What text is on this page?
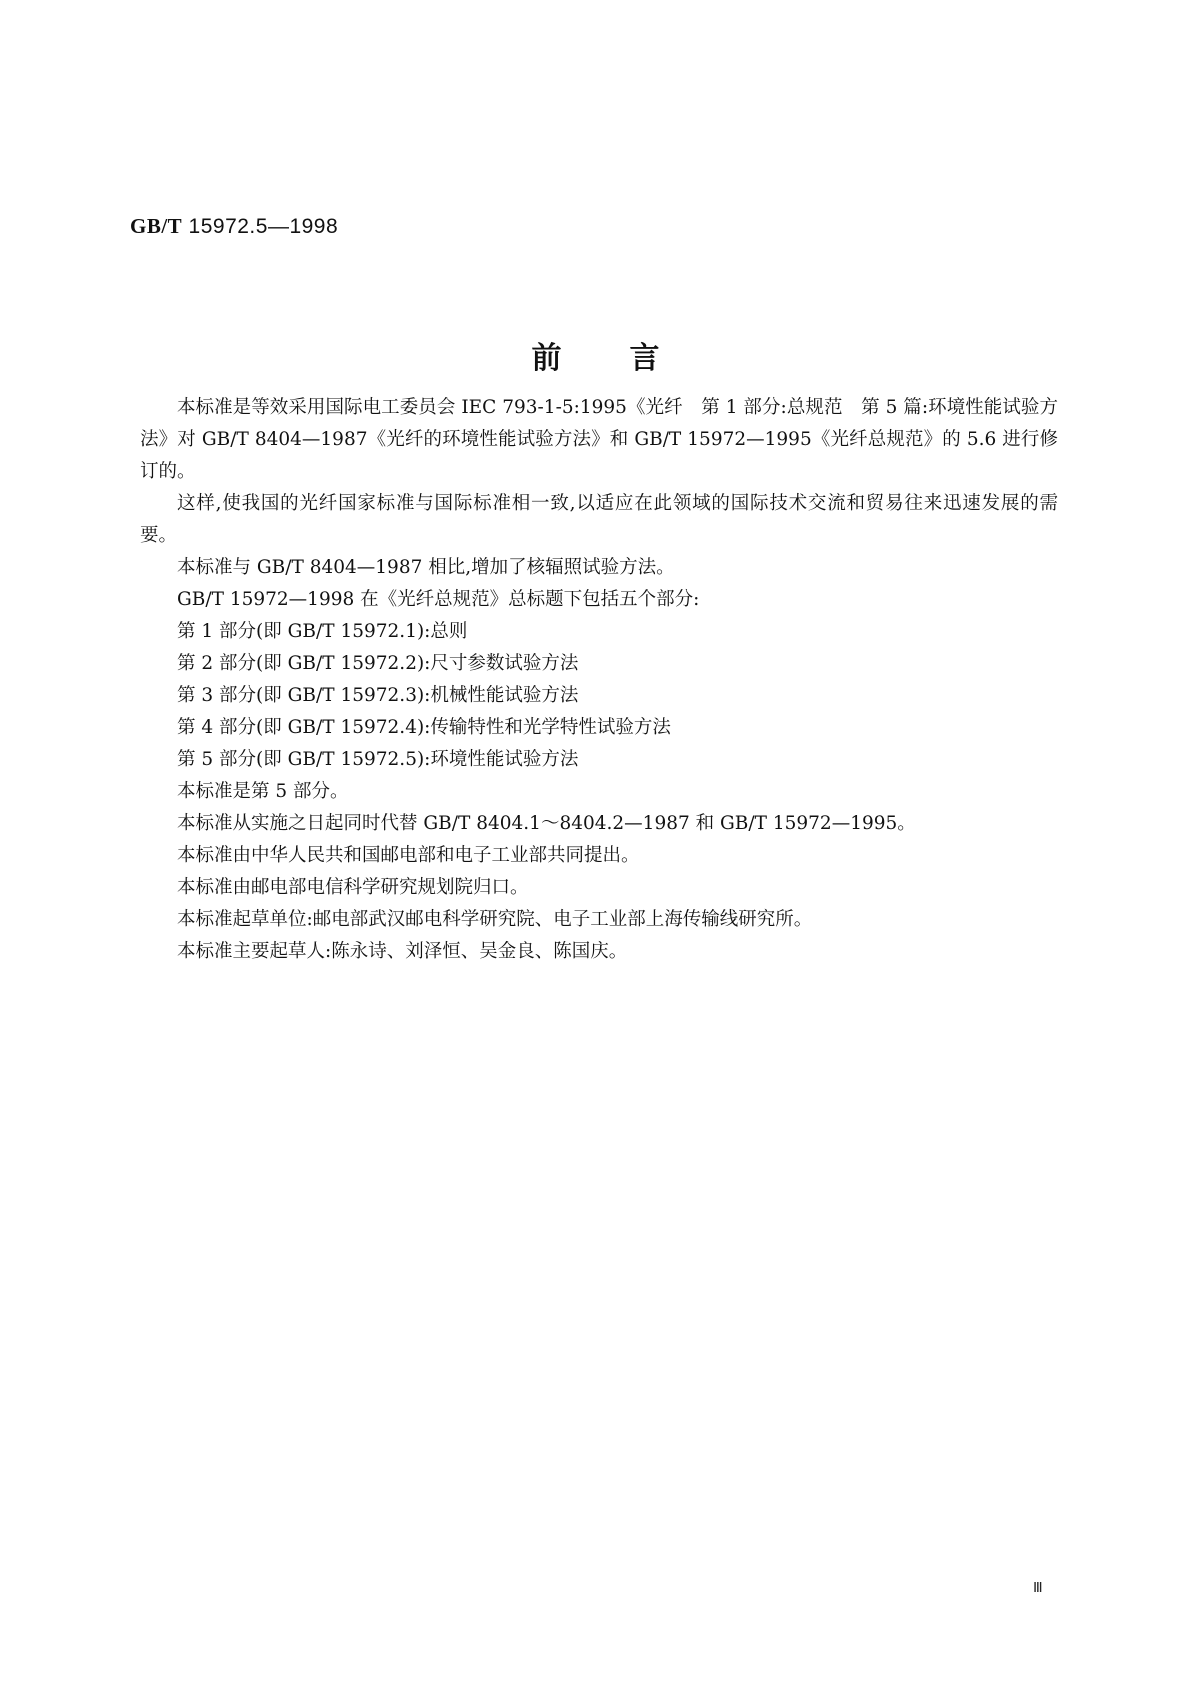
GB/T 15972.5—1998
前言

本标准是等效采用国际电工委员会 IEC 793-1-5:1995《光纤　第 1 部分:总规范　第 5 篇:环境性能试验方法》对 GB/T 8404—1987《光纤的环境性能试验方法》和 GB/T 15972—1995《光纤总规范》的 5.6 进行修订的。

这样,使我国的光纤国家标准与国际标准相一致,以适应在此领域的国际技术交流和贸易往来迅速发展的需要。

本标准与 GB/T 8404—1987 相比,增加了核辐照试验方法。

GB/T 15972—1998 在《光纤总规范》总标题下包括五个部分:

第 1 部分(即 GB/T 15972.1):总则

第 2 部分(即 GB/T 15972.2):尺寸参数试验方法

第 3 部分(即 GB/T 15972.3):机械性能试验方法

第 4 部分(即 GB/T 15972.4):传输特性和光学特性试验方法

第 5 部分(即 GB/T 15972.5):环境性能试验方法

本标准是第 5 部分。

本标准从实施之日起同时代替 GB/T 8404.1～8404.2—1987 和 GB/T 15972—1995。

本标准由中华人民共和国邮电部和电子工业部共同提出。

本标准由邮电部电信科学研究规划院归口。

本标准起草单位:邮电部武汉邮电科学研究院、电子工业部上海传输线研究所。

本标准主要起草人:陈永诗、刘泽恒、吴金良、陈国庆。

Ⅲ
